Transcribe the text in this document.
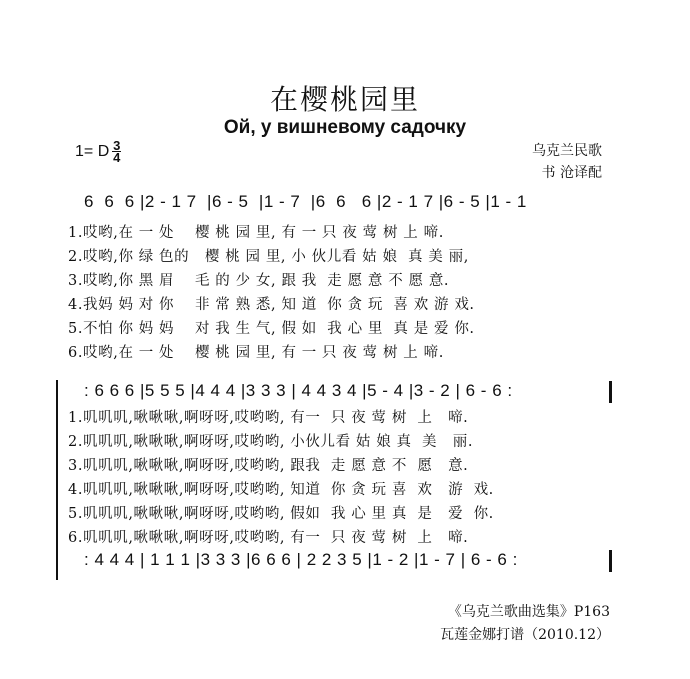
在樱桃园里
Ой, у вишневому садочку
1= D $\frac{3}{4}$	乌克兰民歌
书 沧译配
6  6  6 |2 - 1 7  |6 - 5  |1 - 7  |6  6   6 |2 - 1 7 |6 - 5 |1 - 1
1.哎哟,在 一 处    樱 桃 园 里, 有 一 只 夜 莺 树 上 啼.
2.哎哟,你 绿 色的   樱 桃 园 里, 小 伙儿看 姑 娘  真 美 丽,
3.哎哟,你 黑 眉    毛 的 少 女, 跟 我  走 愿 意 不 愿 意.
4.我妈 妈 对 你    非 常 熟 悉, 知 道  你 贪 玩  喜 欢 游 戏.
5.不怕 你 妈 妈    对 我 生 气, 假 如  我 心 里  真 是 爱 你.
6.哎哟,在 一 处    樱 桃 园 里, 有 一 只 夜 莺 树 上 啼.
: 6 6 6 |5 5 5 |4 4 4 |3 3 3 | 4 4 3 4 |5 - 4 |3 - 2 | 6 - 6 :
1.叽叽叽,啾啾啾,啊呀呀,哎哟哟, 有一  只 夜 莺 树  上   啼.
2.叽叽叽,啾啾啾,啊呀呀,哎哟哟, 小伙儿看 姑 娘 真  美   丽.
3.叽叽叽,啾啾啾,啊呀呀,哎哟哟, 跟我  走 愿 意 不  愿   意.
4.叽叽叽,啾啾啾,啊呀呀,哎哟哟, 知道  你 贪 玩 喜  欢   游  戏.
5.叽叽叽,啾啾啾,啊呀呀,哎哟哟, 假如  我 心 里 真  是   爱  你.
6.叽叽叽,啾啾啾,啊呀呀,哎哟哟, 有一  只 夜 莺 树  上   啼.
: 4 4 4 | 1 1 1 |3 3 3 |6 6 6 | 2 2 3 5 |1 - 2 |1 - 7 | 6 - 6 :
《乌克兰歌曲选集》P163
瓦莲金娜打谱（2010.12）
